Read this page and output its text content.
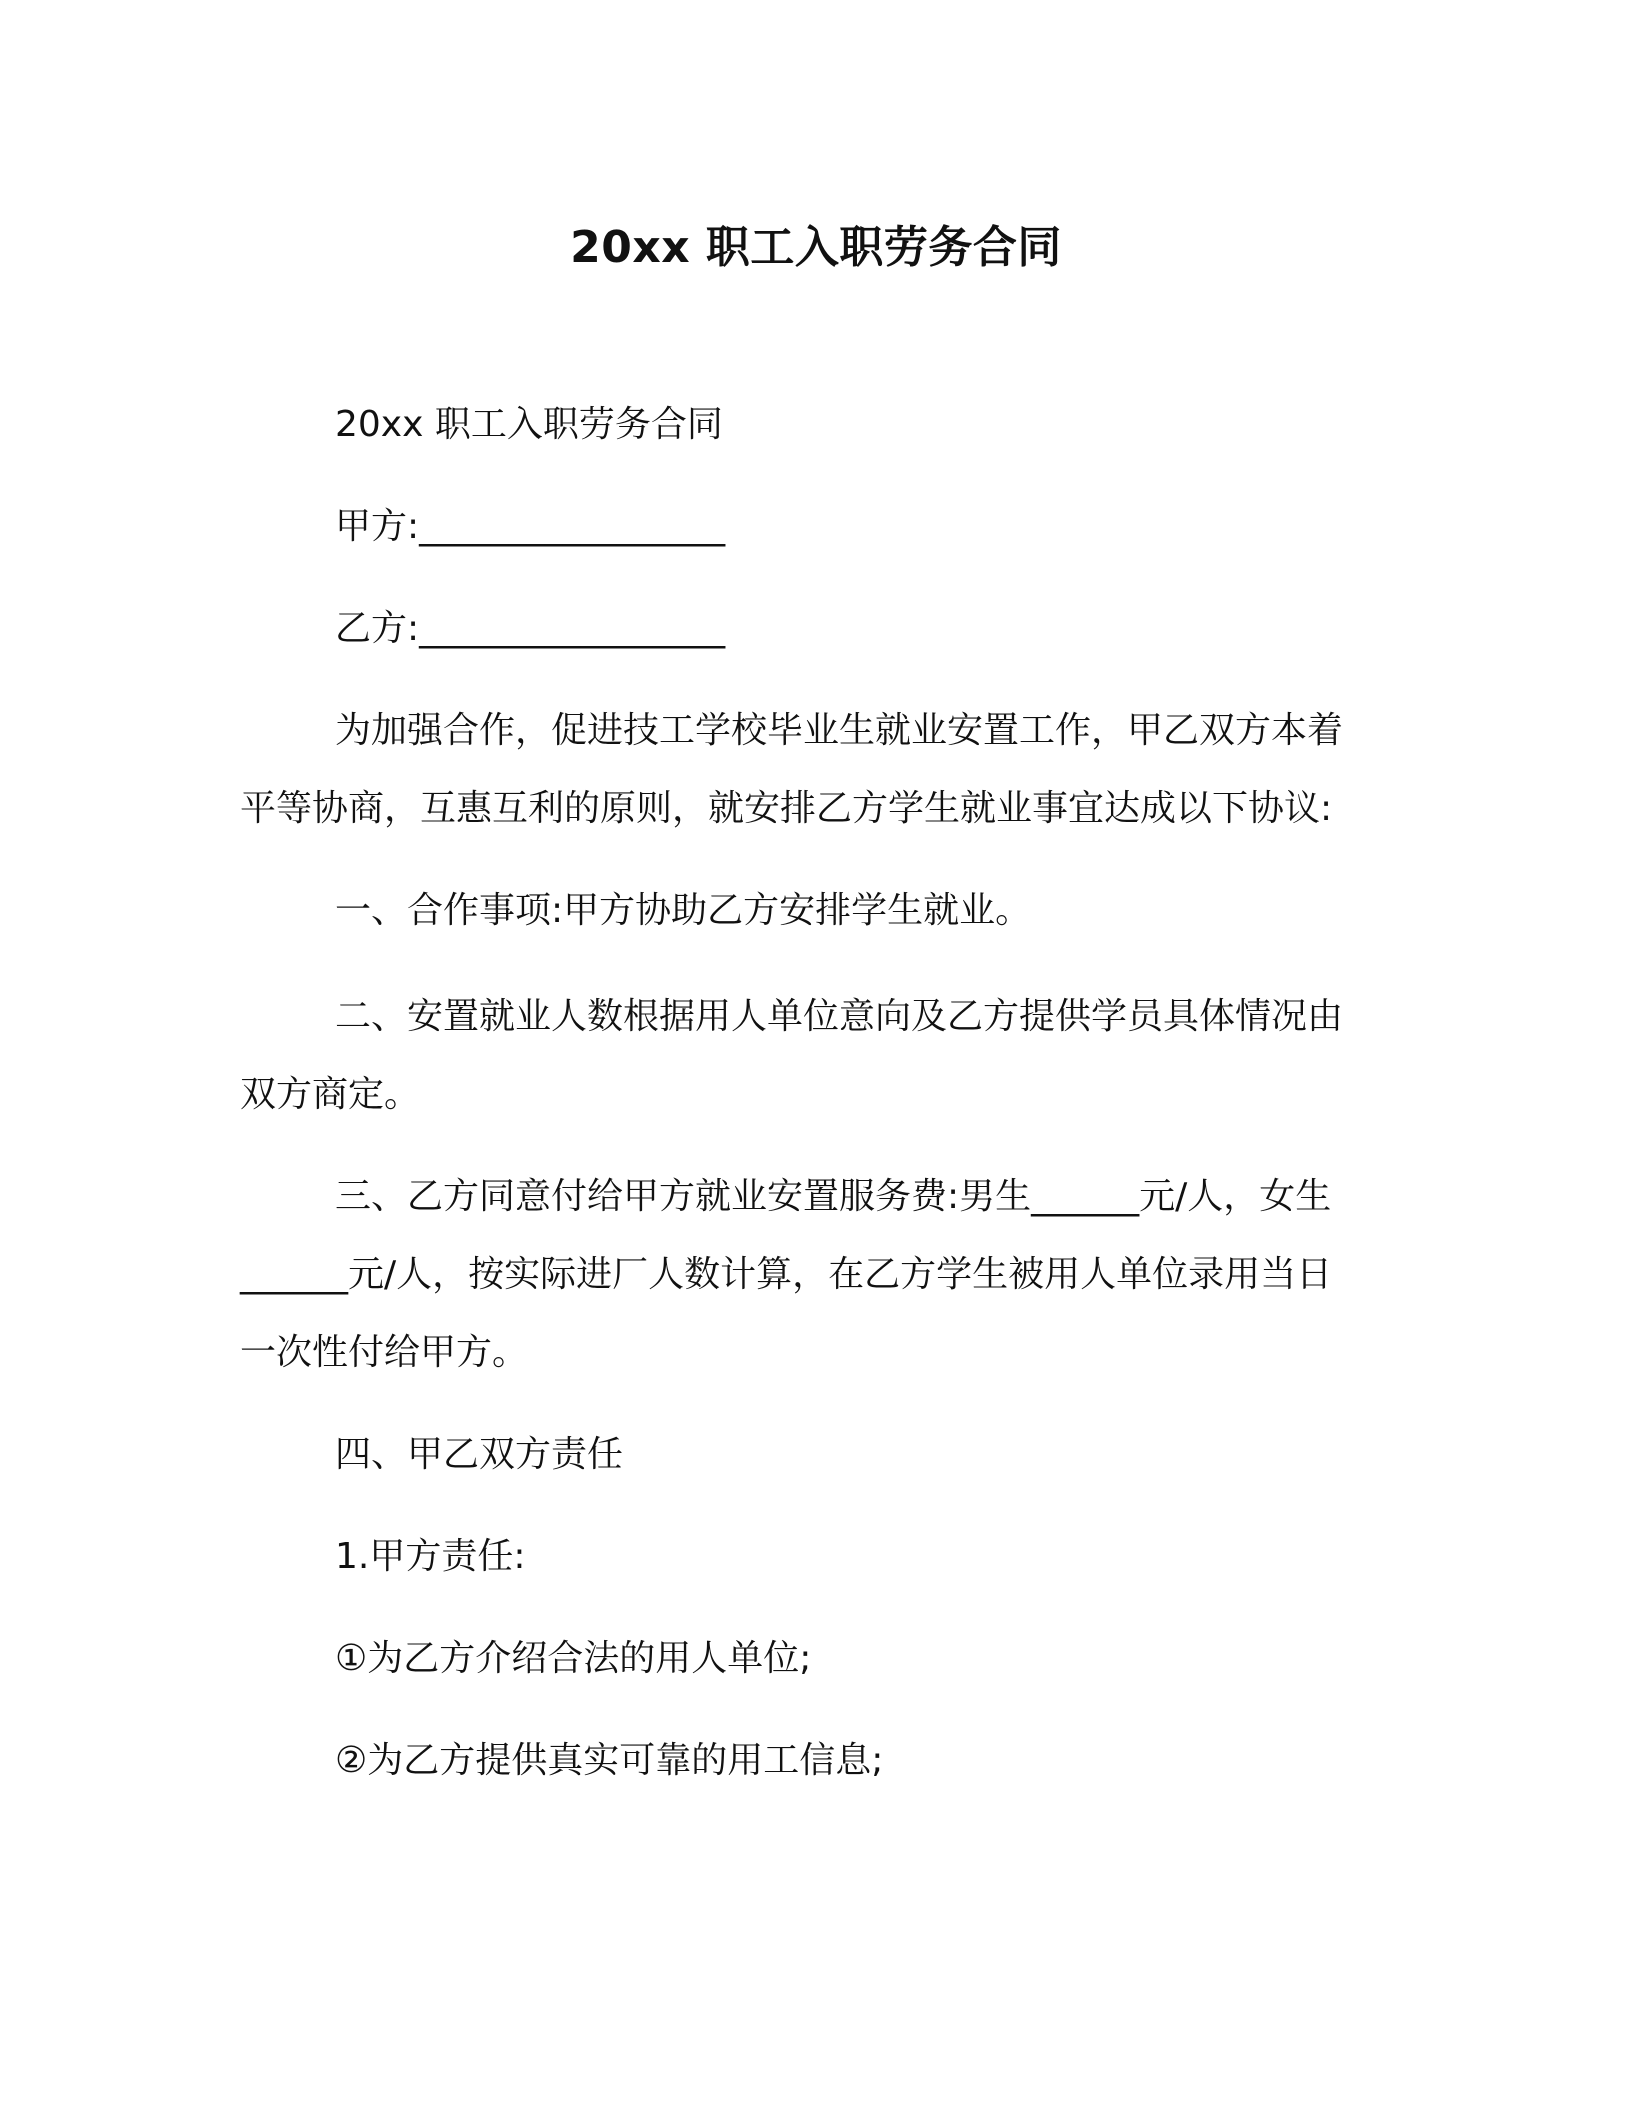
20xx 职工入职劳务合同

20xx 职工入职劳务合同

甲方:_________________

乙方:_________________

为加强合作，促进技工学校毕业生就业安置工作，甲乙双方本着

平等协商，互惠互利的原则，就安排乙方学生就业事宜达成以下协议:

一、合作事项:甲方协助乙方安排学生就业。

二、安置就业人数根据用人单位意向及乙方提供学员具体情况由

双方商定。

三、乙方同意付给甲方就业安置服务费:男生______元/人，女生

______元/人，按实际进厂人数计算，在乙方学生被用人单位录用当日

一次性付给甲方。

四、甲乙双方责任

1.甲方责任:

①为乙方介绍合法的用人单位;

②为乙方提供真实可靠的用工信息;
